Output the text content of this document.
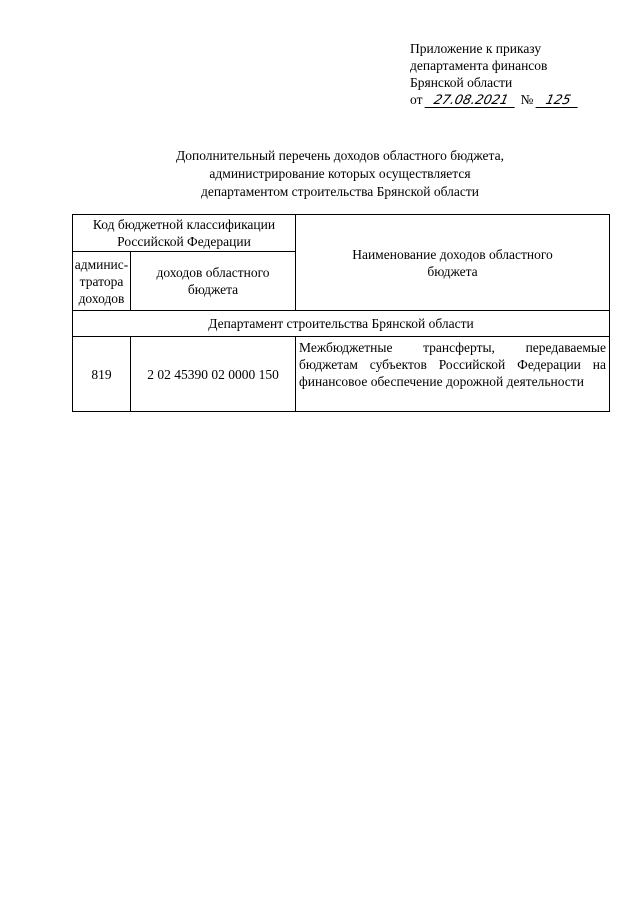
Приложение к приказу
департамента финансов
Брянской области
от 27.08.2021 № 125
Дополнительный перечень доходов областного бюджета,
администрирование которых осуществляется
департаментом строительства Брянской области
Код бюджетной классификации Российской Федерации		Наименование доходов областного бюджета
админис-тратора доходов	доходов областного бюджета	
Департамент строительства Брянской области		
819	2 02 45390 02 0000 150	Межбюджетные трансферты, передаваемые бюджетам субъектов Российской Федерации на финансовое обеспечение дорожной деятельности
